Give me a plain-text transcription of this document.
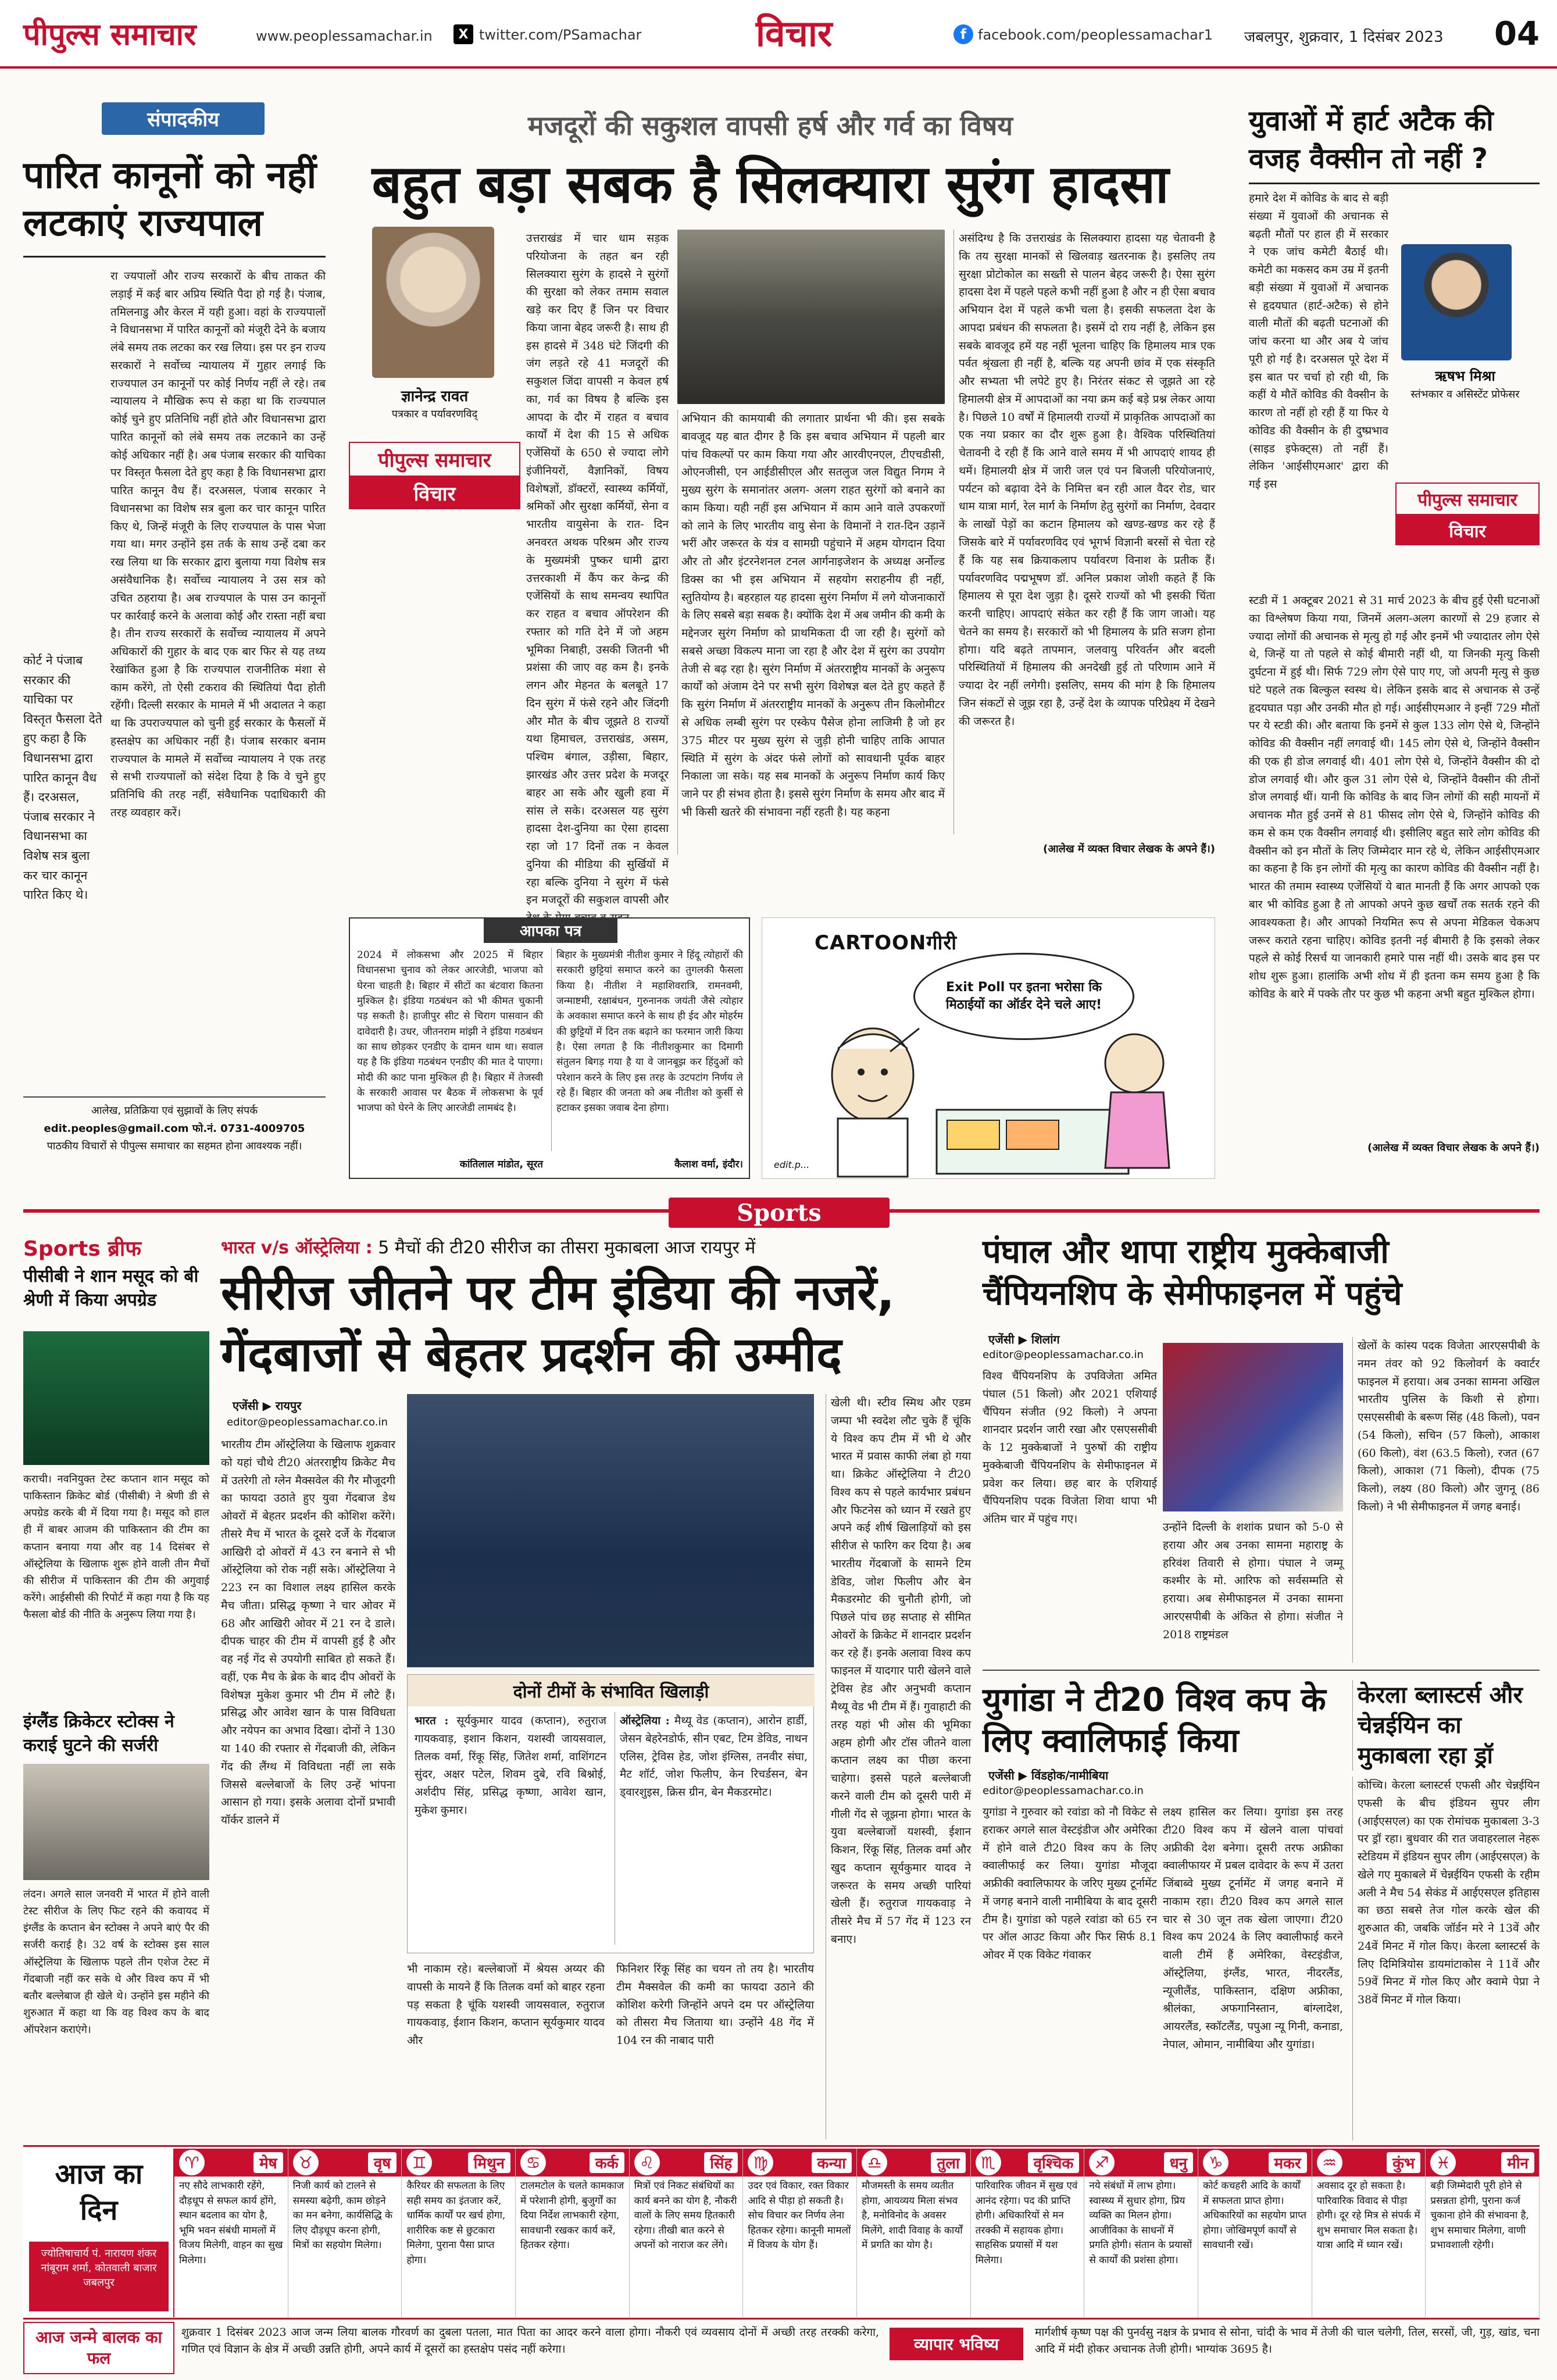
पीपुल्स समाचार	www.peoplessamachar.in	X twitter.com/PSamachar	विचार	f facebook.com/peoplessamachar1 जबलपुर, शुक्रवार, 1 दिसंबर 2023 04
संपादकीय
पारित कानूनों को नहीं लटकाएं राज्यपाल
रा ज्यपालों और राज्य सरकारों के बीच ताकत की लड़ाई में कई बार अप्रिय स्थिति पैदा हो गई है। पंजाब, तमिलनाडु और केरल में यही हुआ। वहां के राज्यपालों ने विधानसभा में पारित कानूनों को मंजूरी देने के बजाय लंबे समय तक लटका कर रख लिया। इस पर इन राज्य सरकारों ने सर्वोच्च न्यायालय में गुहार लगाई कि राज्यपाल उन कानूनों पर कोई निर्णय नहीं ले रहे। तब न्यायालय ने मौखिक रूप से कहा था कि राज्यपाल कोई चुने हुए प्रतिनिधि नहीं होते और विधानसभा द्वारा पारित कानूनों को लंबे समय तक लटकाने का उन्हें कोई अधिकार नहीं है। अब पंजाब सरकार की याचिका पर विस्तृत फैसला देते हुए कहा है कि विधानसभा द्वारा पारित कानून वैध हैं। दरअसल, पंजाब सरकार ने विधानसभा का विशेष सत्र बुला कर चार कानून पारित किए थे, जिन्हें मंजूरी के लिए राज्यपाल के पास भेजा गया था। मगर उन्होंने इस तर्क के साथ उन्हें दबा कर रख लिया था कि सरकार द्वारा बुलाया गया विशेष सत्र असंवैधानिक है। सर्वोच्च न्यायालय ने उस सत्र को उचित ठहराया है। अब राज्यपाल के पास उन कानूनों पर कार्रवाई करने के अलावा कोई और रास्ता नहीं बचा है। तीन राज्य सरकारों के सर्वोच्च न्यायालय में अपने अधिकारों की गुहार के बाद एक बार फिर से यह तथ्य रेखांकित हुआ है कि राज्यपाल राजनीतिक मंशा से काम करेंगे, तो ऐसी टकराव की स्थितियां पैदा होती रहेंगी। दिल्ली सरकार के मामले में भी अदालत ने कहा था कि उपराज्यपाल को चुनी हुई सरकार के फैसलों में हस्तक्षेप का अधिकार नहीं है। पंजाब सरकार बनाम राज्यपाल के मामले में सर्वोच्च न्यायालय ने एक तरह से सभी राज्यपालों को संदेश दिया है कि वे चुने हुए प्रतिनिधि की तरह नहीं, संवैधानिक पदाधिकारी की तरह व्यवहार करें।
कोर्ट ने पंजाब सरकार की याचिका पर विस्तृत फैसला देते हुए कहा है कि विधानसभा द्वारा पारित कानून वैध हैं। दरअसल, पंजाब सरकार ने विधानसभा का विशेष सत्र बुला कर चार कानून पारित किए थे।
आलेख, प्रतिक्रिया एवं सुझावों के लिए संपर्क
edit.peoples@gmail.com फो.नं. 0731-4009705
पाठकीय विचारों से पीपुल्स समाचार का सहमत होना आवश्यक नहीं।
मजदूरों की सकुशल वापसी हर्ष और गर्व का विषय
बहुत बड़ा सबक है सिलक्यारा सुरंग हादसा
ज्ञानेन्द्र रावत
पत्रकार व पर्यावरणविद्
पीपुल्स समाचार
विचार
उत्तराखंड में चार धाम सड़क परियोजना के तहत बन रही सिलक्यारा सुरंग के हादसे ने सुरंगों की सुरक्षा को लेकर तमाम सवाल खड़े कर दिए हैं जिन पर विचार किया जाना बेहद जरूरी है। साथ ही इस हादसे में 348 घंटे जिंदगी की जंग लड़ते रहे 41 मजदूरों की सकुशल जिंदा वापसी न केवल हर्ष का, गर्व का विषय है बल्कि इस आपदा के दौर में राहत व बचाव कार्यों में देश की 15 से अधिक एजेंसियों के 650 से ज्यादा लोगे इंजीनियरों, वैज्ञानिकों, विषय विशेषज्ञों, डॉक्टरों, स्वास्थ्य कर्मियों, श्रमिकों और सुरक्षा कर्मियों, सेना व भारतीय वायुसेना के रात- दिन अनवरत अथक परिश्रम और राज्य के मुख्यमंत्री पुष्कर धामी द्वारा उत्तरकाशी में कैंप कर केन्द्र की एजेंसियों के साथ समन्वय स्थापित कर राहत व बचाव ऑपरेशन की रफ्तार को गति देने में जो अहम भूमिका निबाही, उसकी जितनी भी प्रशंसा की जाए वह कम है। इनके लगन और मेहनत के बलबूते 17 दिन सुरंग में फंसे रहने और जिंदगी और मौत के बीच जूझते 8 राज्यों यथा हिमाचल, उत्तराखंड, असम, पश्चिम बंगाल, उड़ीसा, बिहार, झारखंड और उत्तर प्रदेश के मजदूर बाहर आ सके और खुली हवा में सांस ले सके। दरअसल यह सुरंग हादसा देश-दुनिया का ऐसा हादसा रहा जो 17 दिनों तक न केवल दुनिया की मीडिया की सुर्खियों में रहा बल्कि दुनिया ने सुरंग में फंसे इन मजदूरों की सकुशल वापसी और
अभियान की कामयाबी की लगातार प्रार्थना भी की। इस सबके बावजूद यह बात दीगर है कि इस बचाव अभियान में पहली बार पांच विकल्पों पर काम किया गया और आरवीएनएल, टीएचडीसी, ओएनजीसी, एन आईडीसीएल और सतलुज जल विद्युत निगम ने मुख्य सुरंग के समानांतर अलग- अलग राहत सुरंगों को बनाने का काम किया। यही नहीं इस अभियान में काम आने वाले उपकरणों को लाने के लिए भारतीय वायु सेना के विमानों ने रात-दिन उड़ानें भरीं और जरूरत के यंत्र व सामग्री पहुंचाने में अहम योगदान दिया और तो और इंटरनेशनल टनल आर्गनाइजेशन के अध्यक्ष अर्नोल्ड डिक्स का भी इस अभियान में सहयोग सराहनीय ही नहीं, स्तुतियोग्य है। बहरहाल यह हादसा सुरंग निर्माण में लगे योजनाकारों के लिए सबसे बड़ा सबक है। क्योंकि देश में अब जमीन की कमी के मद्देनजर सुरंग निर्माण को प्राथमिकता दी जा रही है। सुरंगों को सबसे अच्छा विकल्प माना जा रहा है और देश में सुरंग का उपयोग तेजी से बढ़ रहा है। सुरंग निर्माण में अंतरराष्ट्रीय मानकों के अनुरूप कार्यों को अंजाम देने पर सभी सुरंग विशेषज्ञ बल देते हुए कहते हैं कि सुरंग निर्माण में अंतरराष्ट्रीय मानकों के अनुरूप तीन किलोमीटर से अधिक लम्बी सुरंग पर एस्केप पैसेज होना लाजिमी है जो हर 375 मीटर पर मुख्य सुरंग से जुड़ी होनी चाहिए ताकि आपात स्थिति में सुरंग के अंदर फंसे लोगों को सावधानी पूर्वक बाहर निकाला जा सके। यह सब मानकों के अनुरूप निर्माण कार्य किए जाने पर ही संभव होता है। इससे सुरंग निर्माण के समय और बाद में भी किसी खतरे की संभावना नहीं रहती है। यह कहना
असंदिग्ध है कि उत्तराखंड के सिलक्यारा हादसा यह चेतावनी है कि तय सुरक्षा मानकों से खिलवाड़ खतरनाक है। इसलिए तय सुरक्षा प्रोटोकोल का सख्ती से पालन बेहद जरूरी है। ऐसा सुरंग हादसा देश में पहले पहले कभी नहीं हुआ है और न ही ऐसा बचाव अभियान देश में पहले कभी चला है। इसकी सफलता देश के आपदा प्रबंधन की सफलता है। इसमें दो राय नहीं है, लेकिन इस सबके बावजूद हमें यह नहीं भूलना चाहिए कि हिमालय मात्र एक पर्वत श्रृंखला ही नहीं है, बल्कि यह अपनी छांव में एक संस्कृति और सभ्यता भी लपेटे हुए है। निरंतर संकट से जूझते आ रहे हिमालयी क्षेत्र में आपदाओं का नया क्रम कई बड़े प्रश्न लेकर आया है। पिछले 10 वर्षों में हिमालयी राज्यों में प्राकृतिक आपदाओं का एक नया प्रकार का दौर शुरू हुआ है। वैश्विक परिस्थितियां चेतावनी दे रही हैं कि आने वाले समय में भी आपदाएं शायद ही थमें। हिमालयी क्षेत्र में जारी जल एवं पन बिजली परियोजनाएं, पर्यटन को बढ़ावा देने के निमित्त बन रही आल वैदर रोड, चार धाम यात्रा मार्ग, रेल मार्ग के निर्माण हेतु सुरंगों का निर्माण, देवदार के लाखों पेड़ों का कटान हिमालय को खण्ड-खण्ड कर रहे हैं जिसके बारे में पर्यावरणविद एवं भूगर्भ विज्ञानी बरसों से चेता रहे हैं कि यह सब क्रियाकलाप पर्यावरण विनाश के प्रतीक हैं। पर्यावरणविद पद्मभूषण डॉ. अनिल प्रकाश जोशी कहते हैं कि हिमालय से पूरा देश जुड़ा है। दूसरे राज्यों को भी इसकी चिंता करनी चाहिए। आपदाएं संकेत कर रही हैं कि जाग जाओ। यह चेतने का समय है। सरकारों को भी हिमालय के प्रति सजग होना होगा। यदि बढ़ते तापमान, जलवायु परिवर्तन और बदली परिस्थितियों में हिमालय की अनदेखी हुई तो परिणाम आने में ज्यादा देर नहीं लगेगी। इसलिए, समय की मांग है कि हिमालय जिन संकटों से जूझ रहा है, उन्हें देश के व्यापक परिप्रेक्ष्य में देखने की जरूरत है।
(आलेख में व्यक्त विचार लेखक के अपने हैं।)
युवाओं में हार्ट अटैक की वजह वैक्सीन तो नहीं ?
हमारे देश में कोविड के बाद से बड़ी संख्या में युवाओं की अचानक से बढ़ती मौतों पर हाल ही में सरकार ने एक जांच कमेटी बैठाई थी। कमेटी का मकसद कम उम्र में इतनी बड़ी संख्या में युवाओं में अचानक से हृदयघात (हार्ट-अटैक) से होने वाली मौतों की बढ़ती घटनाओं की जांच करना था और अब ये जांच पूरी हो गई है। दरअसल पूरे देश में इस बात पर चर्चा हो रही थी, कि कहीं ये मौतें कोविड की वैक्सीन के कारण तो नहीं हो रही हैं या फिर ये कोविड की वैक्सीन के ही दुष्प्रभाव (साइड इफेक्ट्स) तो नहीं हैं। लेकिन 'आईसीएमआर' द्वारा की गई इस
ऋषभ मिश्रा
स्तंभकार व असिस्टेंट प्रोफेसर
पीपुल्स समाचार
विचार
स्टडी में 1 अक्टूबर 2021 से 31 मार्च 2023 के बीच हुई ऐसी घटनाओं का विश्लेषण किया गया, जिनमें अलग-अलग कारणों से 29 हजार से ज्यादा लोगों की अचानक से मृत्यु हो गई और इनमें भी ज्यादातर लोग ऐसे थे, जिन्हें या तो पहले से कोई बीमारी नहीं थी, या जिनकी मृत्यु किसी दुर्घटना में हुई थी। सिर्फ 729 लोग ऐसे पाए गए, जो अपनी मृत्यु से कुछ घंटे पहले तक बिल्कुल स्वस्थ थे। लेकिन इसके बाद से अचानक से उन्हें हृदयघात पड़ा और उनकी मौत हो गई। आईसीएमआर ने इन्हीं 729 मौतों पर ये स्टडी की। और बताया कि इनमें से कुल 133 लोग ऐसे थे, जिन्होंने कोविड की वैक्सीन नहीं लगवाई थी। 145 लोग ऐसे थे, जिन्होंने वैक्सीन की एक ही डोज लगवाई थी। 401 लोग ऐसे थे, जिन्होंने वैक्सीन की दो डोज लगवाई थी। और कुल 31 लोग ऐसे थे, जिन्होंने वैक्सीन की तीनों डोज लगवाई थीं। यानी कि कोविड के बाद जिन लोगों की सही मायनों में अचानक मौत हुई उनमें से 81 फीसद लोग ऐसे थे, जिन्होंने कोविड की कम से कम एक वैक्सीन लगवाई थी। इसीलिए बहुत सारे लोग कोविड की वैक्सीन को इन मौतों के लिए जिम्मेदार मान रहे थे, लेकिन आईसीएमआर का कहना है कि इन लोगों की मृत्यु का कारण कोविड की वैक्सीन नहीं है। भारत की तमाम स्वास्थ्य एजेंसियों ये बात मानती हैं कि अगर आपको एक बार भी कोविड हुआ है तो आपको अपने कुछ खर्चों तक सतर्क रहने की आवश्यकता है। और आपको नियमित रूप से अपना मेडिकल चेकअप जरूर कराते रहना चाहिए। कोविड इतनी नई बीमारी है कि इसको लेकर पहले से कोई रिसर्च या जानकारी हमारे पास नहीं थी। उसके बाद इस पर शोध शुरू हुआ। हालांकि अभी शोध में ही इतना कम समय हुआ है कि कोविड के बारे में पक्के तौर पर कुछ भी कहना अभी बहुत मुश्किल होगा।
(आलेख में व्यक्त विचार लेखक के अपने हैं।)
आपका पत्र
2024 में लोकसभा और 2025 में बिहार विधानसभा चुनाव को लेकर आरजेडी, भाजपा को घेरना चाहती है। बिहार में सीटों का बंटवारा कितना मुश्किल है। इंडिया गठबंधन को भी कीमत चुकानी पड़ सकती है। हाजीपुर सीट से चिराग पासवान की दावेदारी है। उधर, जीतनराम मांझी ने इंडिया गठबंधन का साथ छोड़कर एनडीए के दामन थाम था। सवाल यह है कि इंडिया गठबंधन एनडीए की मात दे पाएगा। मोदी की काट पाना मुश्किल ही है। बिहार में तेजस्वी के सरकारी आवास पर बैठक में लोकसभा के पूर्व भाजपा को घेरने के लिए आरजेडी लामबंद है।
कांतिलाल मांडोत, सूरत
बिहार के मुख्यमंत्री नीतीश कुमार ने हिंदू त्योहारों की सरकारी छुट्टियां समाप्त करने का तुगलकी फैसला किया है। नीतीश ने महाशिवरात्रि, रामनवमी, जन्माष्टमी, रक्षाबंधन, गुरुनानक जयंती जैसे त्योहार के अवकाश समाप्त करने के साथ ही ईद और मोहर्रम की छुट्टियों में दिन तक बढ़ाने का फरमान जारी किया है। ऐसा लगता है कि नीतीशकुमार का दिमागी संतुलन बिगड़ गया है या वे जानबूझ कर हिंदुओं को परेशान करने के लिए इस तरह के उटपटांग निर्णय ले रहे हैं। बिहार की जनता को अब नीतीश को कुर्सी से हटाकर इसका जवाब देना होगा।
कैलाश वर्मा, इंदौर।
CARTOONगीरी
Exit Poll पर इतना भरोसा कि मिठाईयों का ऑर्डर देने चले आए!
edit.p...
Sports
Sports ब्रीफ
पीसीबी ने शान मसूद को बी श्रेणी में किया अपग्रेड
कराची। नवनियुक्त टेस्ट कप्तान शान मसूद को पाकिस्तान क्रिकेट बोर्ड (पीसीबी) ने श्रेणी डी से अपग्रेड करके बी में दिया गया है। मसूद को हाल ही में बाबर आजम की पाकिस्तान की टीम का कप्तान बनाया गया और वह 14 दिसंबर से ऑस्ट्रेलिया के खिलाफ शुरू होने वाली तीन मैचों की सीरीज में पाकिस्तान की टीम की अगुवाई करेंगे। आईसीसी की रिपोर्ट में कहा गया है कि यह फैसला बोर्ड की नीति के अनुरूप लिया गया है।
इंग्लैंड क्रिकेटर स्टोक्स ने कराई घुटने की सर्जरी
लंदन। अगले साल जनवरी में भारत में होने वाली टेस्ट सीरीज के लिए फिट रहने की कवायद में इंग्लैंड के कप्तान बेन स्टोक्स ने अपने बाएं पैर की सर्जरी कराई है। 32 वर्ष के स्टोक्स इस साल ऑस्ट्रेलिया के खिलाफ पहले तीन एशेज टेस्ट में गेंदबाजी नहीं कर सके थे और विश्व कप में भी बतौर बल्लेबाज ही खेले थे। उन्होंने इस महीने की शुरुआत में कहा था कि वह विश्व कप के बाद ऑपरेशन कराएंगे।
भारत v/s ऑस्ट्रेलिया : 5 मैचों की टी20 सीरीज का तीसरा मुकाबला आज रायपुर में
सीरीज जीतने पर टीम इंडिया की नजरें,
गेंदबाजों से बेहतर प्रदर्शन की उम्मीद
एजेंसी ▶ रायपुर
editor@peoplessamachar.co.in
भारतीय टीम ऑस्ट्रेलिया के खिलाफ शुक्रवार को यहां चौथे टी20 अंतरराष्ट्रीय क्रिकेट मैच में उतरेगी तो ग्लेन मैक्सवेल की गैर मौजूदगी का फायदा उठाते हुए युवा गेंदबाज डेथ ओवरों में बेहतर प्रदर्शन की कोशिश करेंगे। तीसरे मैच में भारत के दूसरे दर्जे के गेंदबाज आखिरी दो ओवरों में 43 रन बनाने से भी ऑस्ट्रेलिया को रोक नहीं सके। ऑस्ट्रेलिया ने 223 रन का विशाल लक्ष्य हासिल करके मैच जीता। प्रसिद्ध कृष्णा ने चार ओवर में 68 और आखिरी ओवर में 21 रन दे डाले। दीपक चाहर की टीम में वापसी हुई है और वह नई गेंद से उपयोगी साबित हो सकते हैं। वहीं, एक मैच के ब्रेक के बाद दीप ओवरों के विशेषज्ञ मुकेश कुमार भी टीम में लौटे हैं। प्रसिद्ध और आवेश खान के पास विविधता और नयेपन का अभाव दिखा। दोनों ने 130 या 140 की रफ्तार से गेंदबाजी की, लेकिन गेंद की लैंग्थ में विविधता नहीं ला सके जिससे बल्लेबाजों के लिए उन्हें भांपना आसान हो गया। इसके अलावा दोनों प्रभावी यॉर्कर डालने में
दोनों टीमों के संभावित खिलाड़ी
भारत : सूर्यकुमार यादव (कप्तान), रुतुराज गायकवाड़, इशान किशन, यशस्वी जायसवाल, तिलक वर्मा, रिंकू सिंह, जितेश शर्मा, वाशिंगटन सुंदर, अक्षर पटेल, शिवम दुबे, रवि बिश्नोई, अर्शदीप सिंह, प्रसिद्ध कृष्णा, आवेश खान, मुकेश कुमार।
ऑस्ट्रेलिया : मैथ्यू वेड (कप्तान), आरोन हार्डी, जेसन बेहरेनडोर्फ, सीन एबट, टिम डेविड, नाथन एलिस, ट्रेविस हेड, जोश इंग्लिस, तनवीर संघा, मैट शॉर्ट, जोश फिलीप, केन रिचर्डसन, बेन ड्वारशुइस, क्रिस ग्रीन, बेन मैकडरमोट।
भी नाकाम रहे। बल्लेबाजों में श्रेयस अय्यर की वापसी के मायने हैं कि तिलक वर्मा को बाहर रहना पड़ सकता है चूंकि यशस्वी जायसवाल, रुतुराज गायकवाड़, ईशान किशन, कप्तान सूर्यकुमार यादव और
फिनिशर रिंकू सिंह का चयन तो तय है। भारतीय टीम मैक्सवेल की कमी का फायदा उठाने की कोशिश करेगी जिन्होंने अपने दम पर ऑस्ट्रेलिया को तीसरा मैच जिताया था। उन्होंने 48 गेंद में 104 रन की नाबाद पारी
खेली थी। स्टीव स्मिथ और एडम जम्पा भी स्वदेश लौट चुके हैं चूंकि ये विश्व कप टीम में भी थे और भारत में प्रवास काफी लंबा हो गया था। क्रिकेट ऑस्ट्रेलिया ने टी20 विश्व कप से पहले कार्यभार प्रबंधन और फिटनेस को ध्यान में रखते हुए अपने कई शीर्ष खिलाड़ियों को इस सीरीज से फारिग कर दिया है। अब भारतीय गेंदबाजों के सामने टिम डेविड, जोश फिलीप और बेन मैकडरमोट की चुनौती होगी, जो पिछले पांच छह सप्ताह से सीमित ओवरों के क्रिकेट में शानदार प्रदर्शन कर रहे हैं। इनके अलावा विश्व कप फाइनल में यादगार पारी खेलने वाले ट्रेविस हेड और अनुभवी कप्तान मैथ्यू वेड भी टीम में हैं। गुवाहाटी की तरह यहां भी ओस की भूमिका अहम होगी और टॉस जीतने वाला कप्तान लक्ष्य का पीछा करना चाहेगा। इससे पहले बल्लेबाजी करने वाली टीम को दूसरी पारी में गीली गेंद से जूझना होगा। भारत के युवा बल्लेबाजों यशस्वी, ईशान किशन, रिंकू सिंह, तिलक वर्मा और खुद कप्तान सूर्यकुमार यादव ने जरूरत के समय अच्छी पारियां खेली हैं। रुतुराज गायकवाड़ ने तीसरे मैच में 57 गेंद में 123 रन बनाए।
पंघाल और थापा राष्ट्रीय मुक्केबाजी
चैंपियनशिप के सेमीफाइनल में पहुंचे
एजेंसी ▶ शिलांग
editor@peoplessamachar.co.in
विश्व चैंपियनशिप के उपविजेता अमित पंघाल (51 किलो) और 2021 एशियाई चैंपियन संजीत (92 किलो) ने अपना शानदार प्रदर्शन जारी रखा और एसएससीबी के 12 मुक्केबाजों ने पुरुषों की राष्ट्रीय मुक्केबाजी चैंपियनशिप के सेमीफाइनल में प्रवेश कर लिया। छह बार के एशियाई चैंपियनशिप पदक विजेता शिवा थापा भी अंतिम चार में पहुंच गए।
उन्होंने दिल्ली के शशांक प्रधान को 5-0 से हराया और अब उनका सामना महाराष्ट्र के हरिवंश तिवारी से होगा। पंघाल ने जम्मू कश्मीर के मो. आरिफ को सर्वसम्मति से हराया। अब सेमीफाइनल में उनका सामना आरएसपीबी के अंकित से होगा। संजीत ने 2018 राष्ट्रमंडल
खेलों के कांस्य पदक विजेता आरएसपीबी के नमन तंवर को 92 किलोवर्ग के क्वार्टर फाइनल में हराया। अब उनका सामना अखिल भारतीय पुलिस के किशी से होगा। एसएससीबी के बरूण सिंह (48 किलो), पवन (54 किलो), सचिन (57 किलो), आकाश (60 किलो), वंश (63.5 किलो), रजत (67 किलो), आकाश (71 किलो), दीपक (75 किलो), लक्ष्य (80 किलो) और जुगनू (86 किलो) ने भी सेमीफाइनल में जगह बनाई।
युगांडा ने टी20 विश्व कप के लिए क्वालिफाई किया
एजेंसी ▶ विंडहोक/नामीबिया
editor@peoplessamachar.co.in
युगांडा ने गुरुवार को रवांडा को नौ विकेट से हराकर अगले साल वेस्टइंडीज और अमेरिका में होने वाले टी20 विश्व कप के लिए क्वालीफाई कर लिया। युगांडा मौजूदा अफ्रीकी क्वालिफायर के जरिए मुख्य टूर्नामेंट में जगह बनाने वाली नामीबिया के बाद दूसरी टीम है। युगांडा को पहले रवांडा को 65 रन पर ऑल आउट किया और फिर सिर्फ 8.1 ओवर में एक विकेट गंवाकर
लक्ष्य हासिल कर लिया। युगांडा इस तरह टी20 विश्व कप में खेलने वाला पांचवां अफ्रीकी देश बनेगा। दूसरी तरफ अफ्रीका क्वालीफायर में प्रबल दावेदार के रूप में उतरा जिंबाब्वे मुख्य टूर्नामेंट में जगह बनाने में नाकाम रहा। टी20 विश्व कप अगले साल चार से 30 जून तक खेला जाएगा। टी20 विश्व कप 2024 के लिए क्वालीफाई करने वाली टीमें हैं अमेरिका, वेस्टइंडीज, ऑस्ट्रेलिया, इंग्लैंड, भारत, नीदरलैंड, न्यूजीलैंड, पाकिस्तान, दक्षिण अफ्रीका, श्रीलंका, अफगानिस्तान, बांग्लादेश, आयरलैंड, स्कॉटलैंड, पपुआ न्यू गिनी, कनाडा, नेपाल, ओमान, नामीबिया और युगांडा।
केरला ब्लास्टर्स और चेन्नईयिन का मुकाबला रहा ड्रॉ
कोच्चि। केरला ब्लास्टर्स एफसी और चेन्नईयिन एफसी के बीच इंडियन सुपर लीग (आईएसएल) का एक रोमांचक मुकाबला 3-3 पर ड्रॉ रहा। बुधवार की रात जवाहरलाल नेहरू स्टेडियम में इंडियन सुपर लीग (आईएसएल) के खेले गए मुकाबले में चेन्नईयिन एफसी के रहीम अली ने मैच 54 सेकंड में आईएसएल इतिहास का छठा सबसे तेज गोल करके खेल की शुरुआत की, जबकि जॉर्डन मरे ने 13वें और 24वें मिनट में गोल किए। केरला ब्लास्टर्स के लिए दिमित्रियोस डायमांटाकोस ने 11वें और 59वें मिनट में गोल किए और क्वामे पेप्रा ने 38वें मिनट में गोल किया।
आज का
दिन
ज्योतिषाचार्य पं. नारायण शंकर नांबूराम शर्मा, कोतवाली बाजार जबलपुर
♈	मेष
नए सौदे लाभकारी रहेंगे, दौड़धूप से सफल कार्य होंगे, स्थान बदलाव का योग है, भूमि भवन संबंधी मामलों में विजय मिलेगी, वाहन का सुख मिलेगा।
♉	वृष
निजी कार्य को टालने से समस्या बढ़ेगी, काम छोड़ने का मन बनेगा, कार्यसिद्धि के लिए दौड़धूप करना होगी, मित्रों का सहयोग मिलेगा।
♊	मिथुन
कैरियर की सफलता के लिए सही समय का इंतजार करें, धार्मिक कार्यों पर खर्च होगा, शारीरिक कष्ट से छुटकारा मिलेगा, पुराना पैसा प्राप्त होगा।
♋	कर्क
टालमटोल के चलते कामकाज में परेशानी होगी, बुजुर्गों का दिया निर्देश लाभकारी रहेगा, सावधानी रखकर कार्य करें, हितकर रहेगा।
♌	सिंह
मित्रों एवं निकट संबंधियों का कार्य बनने का योग है, नौकरी वालों के लिए समय हितकारी रहेगा। तीखी बात करने से अपनों को नाराज कर लेंगे।
♍	कन्या
उदर एवं विकार, रक्त विकार आदि से पीड़ा हो सकती है। सोच विचार कर निर्णय लेना हितकर रहेगा। कानूनी मामलों में विजय के योग हैं।
♎	तुला
मौजमस्ती के समय व्यतीत होगा, आयव्यय मिला संभव है, मनोविनोद के अवसर मिलेंगे, शादी विवाह के कार्यों में प्रगति का योग है।
♏	वृश्चिक
पारिवारिक जीवन में सुख एवं आनंद रहेगा। पद की प्राप्ति होगी। अधिकारियों से मन तरक्की में सहायक होगा। साहसिक प्रयासों में यश मिलेगा।
♐	धनु
नये संबंधों में लाभ होगा। स्वास्थ्य में सुधार होगा, प्रिय व्यक्ति का मिलन होगा। आजीविका के साधनों में प्रगति होगी। संतान के प्रयासों से कार्यों की प्रशंसा होगा।
♑	मकर
कोर्ट कचहरी आदि के कार्यों में सफलता प्राप्त होगा। अधिकारियों का सहयोग प्राप्त होगा। जोखिमपूर्ण कार्यों से सावधानी रखें।
♒	कुंभ
अवसाद दूर हो सकता है। पारिवारिक विवाद से पीड़ा होगी। दूर रहे मित्र से संपर्क में शुभ समाचार मिल सकता है। यात्रा आदि में ध्यान रखें।
♓	मीन
बड़ी जिम्मेदारी पूरी होने से प्रसन्नता होगी, पुराना कर्ज चुकाना होने की संभावना है, शुभ समाचार मिलेगा, वाणी प्रभावशाली रहेगी।
आज जन्मे बालक का फल
शुक्रवार 1 दिसंबर 2023 आज जन्म लिया बालक गौरवर्ण का दुबला पतला, मात पिता का आदर करने वाला होगा। नौकरी एवं व्यवसाय दोनों में अच्छी तरह तरक्की करेगा, गणित एवं विज्ञान के क्षेत्र में अच्छी उन्नति होगी, अपने कार्य में दूसरों का हस्तक्षेप पसंद नहीं करेगा।	व्यापार भविष्य
मार्गशीर्ष कृष्ण पक्ष की पुनर्वसु नक्षत्र के प्रभाव से सोना, चांदी के भाव में तेजी की चाल चलेगी, तिल, सरसों, जी, गुड़, खांड, चना आदि में मंदी होकर अचानक तेजी होगी। भाग्यांक 3695 है।
